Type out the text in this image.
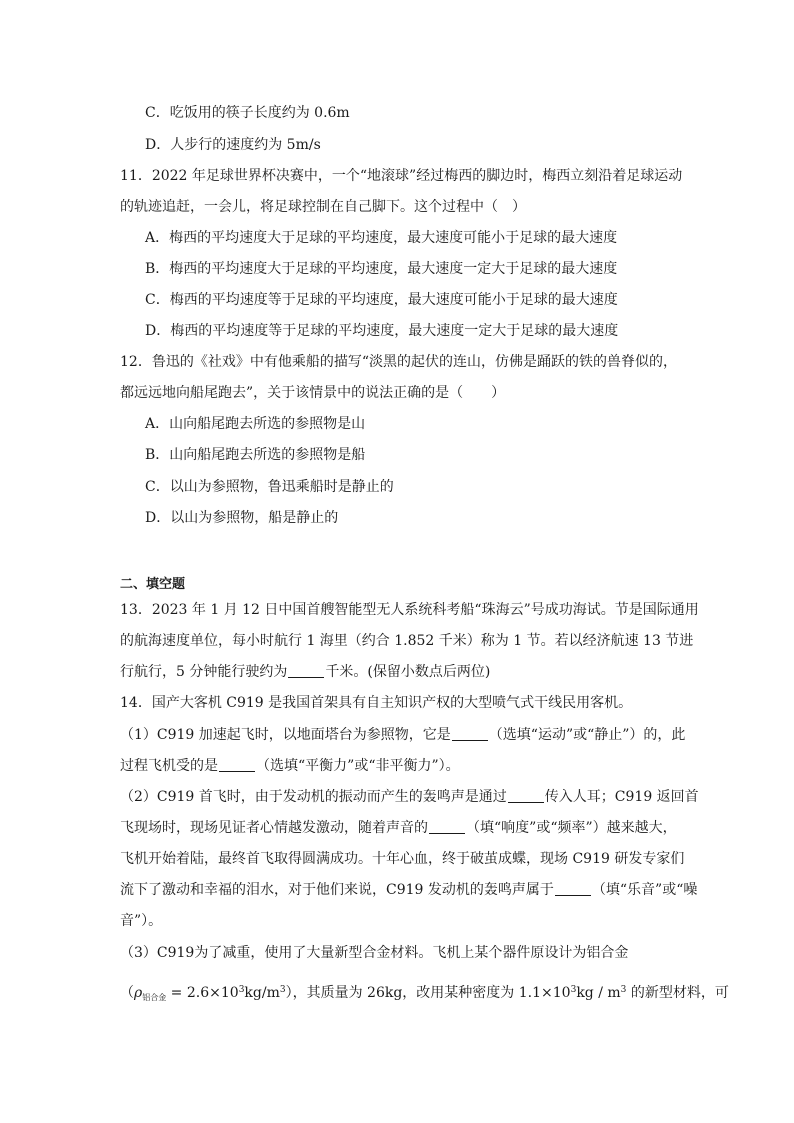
C．吃饭用的筷子长度约为 0.6m
D．人步行的速度约为 5m/s
11．2022 年足球世界杯决赛中，一个“地滚球”经过梅西的脚边时，梅西立刻沿着足球运动
的轨迹追赶，一会儿，将足球控制在自己脚下。这个过程中（　）
A．梅西的平均速度大于足球的平均速度，最大速度可能小于足球的最大速度
B．梅西的平均速度大于足球的平均速度，最大速度一定大于足球的最大速度
C．梅西的平均速度等于足球的平均速度，最大速度可能小于足球的最大速度
D．梅西的平均速度等于足球的平均速度，最大速度一定大于足球的最大速度
12．鲁迅的《社戏》中有他乘船的描写“淡黑的起伏的连山，仿佛是踊跃的铁的兽脊似的，
都远远地向船尾跑去”，关于该情景中的说法正确的是（　　）
A．山向船尾跑去所选的参照物是山
B．山向船尾跑去所选的参照物是船
C．以山为参照物，鲁迅乘船时是静止的
D．以山为参照物，船是静止的
二、填空题
13．2023 年 1 月 12 日中国首艘智能型无人系统科考船“珠海云”号成功海试。节是国际通用
的航海速度单位，每小时航行 1 海里（约合 1.852 千米）称为 1 节。若以经济航速 13 节进
行航行，5 分钟能行驶约为	千米。(保留小数点后两位)
14．国产大客机 C919 是我国首架具有自主知识产权的大型喷气式干线民用客机。
（1）C919 加速起飞时，以地面塔台为参照物，它是	（选填“运动”或“静止”）的，此
过程飞机受的是	（选填“平衡力”或“非平衡力”）。
（2）C919 首飞时，由于发动机的振动而产生的轰鸣声是通过	传入人耳；C919 返回首
飞现场时，现场见证者心情越发激动，随着声音的	（填“响度”或“频率”）越来越大，
飞机开始着陆，最终首飞取得圆满成功。十年心血，终于破茧成蝶，现场 C919 研发专家们
流下了激动和幸福的泪水，对于他们来说，C919 发动机的轰鸣声属于	（填“乐音”或“噪
音”）。
（3）C919为了减重，使用了大量新型合金材料。飞机上某个器件原设计为铝合金
$(\rho_{铝合金} = 2.6\times 10^3kg/m^3)$，其质量为 26kg，改用某种密度为 $1.1\times 10^3kg / m^3$ 的新型材料，可
